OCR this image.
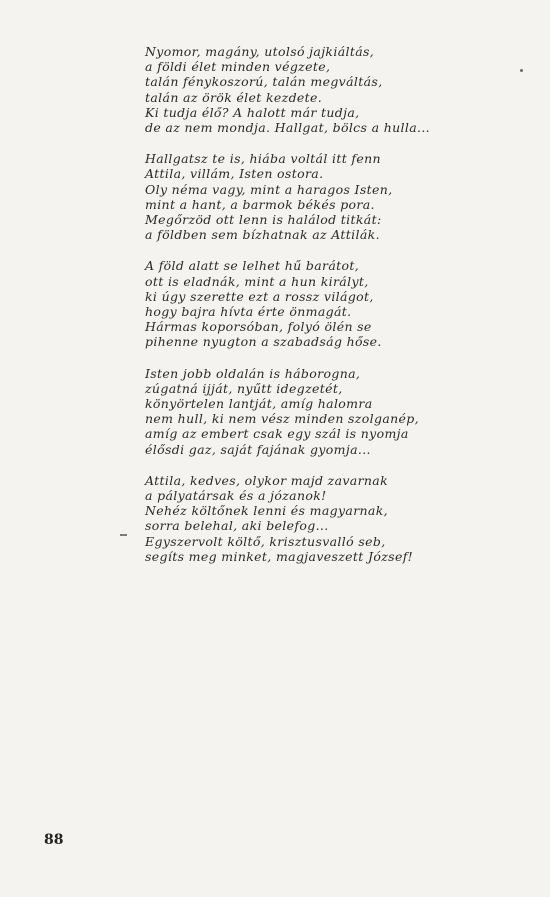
Nyomor, magány, utolsó jajkiáltás,
a földi élet minden végzete,
talán fénykoszorú, talán megváltás,
talán az örök élet kezdete.
Ki tudja élő? A halott már tudja,
de az nem mondja. Hallgat, bölcs a hulla...
Hallgatsz te is, hiába voltál itt fenn
Attila, villám, Isten ostora.
Oly néma vagy, mint a haragos Isten,
mint a hant, a barmok békés pora.
Megőrzöd ott lenn is halálod titkát:
a földben sem bízhatnak az Attilák.
A föld alatt se lelhet hű barátot,
ott is eladnák, mint a hun királyt,
ki úgy szerette ezt a rossz világot,
hogy bajra hívta érte önmagát.
Hármas koporsóban, folyó ölén se
pihenne nyugton a szabadság hőse.
Isten jobb oldalán is háborogna,
zúgatná ijját, nyűtt idegzetét,
könyörtelen lantját, amíg halomra
nem hull, ki nem vész minden szolganép,
amíg az embert csak egy szál is nyomja
élősdi gaz, saját fajának gyomja...
Attila, kedves, olykor majd zavarnak
a pályatársak és a józanok!
Nehéz költőnek lenni és magyarnak,
sorra belehal, aki belefog...
Egyszervolt költő, krisztusvalló seb,
segíts meg minket, magjaveszett József!
88
